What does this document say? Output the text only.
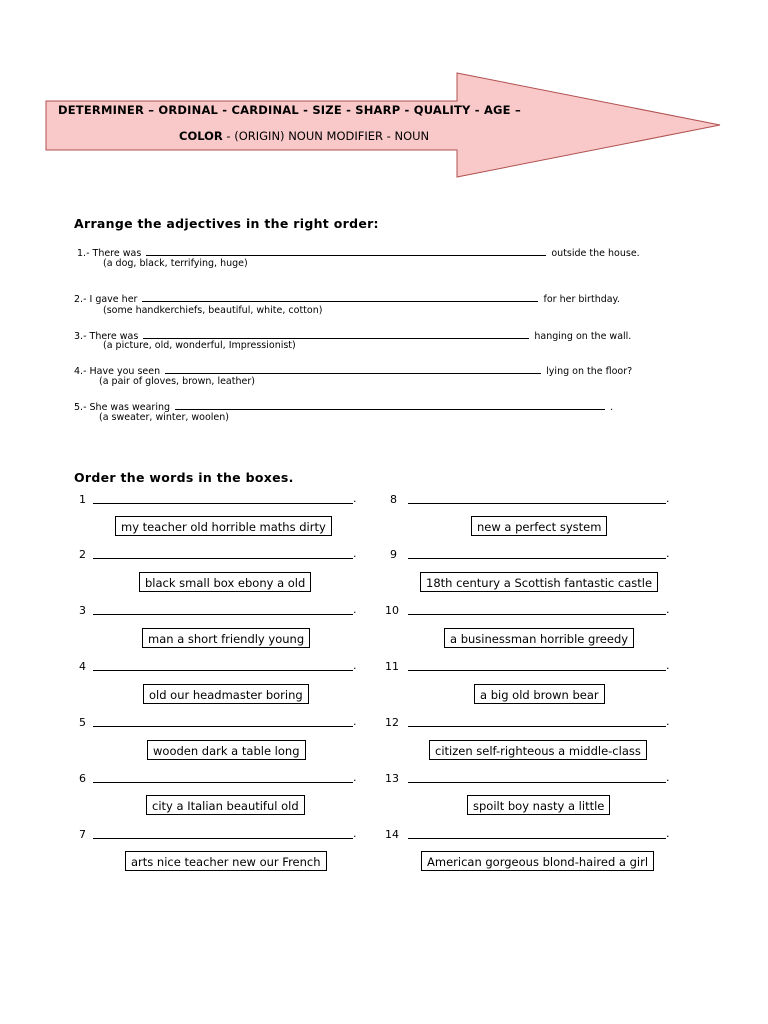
DETERMINER – ORDINAL - CARDINAL - SIZE - SHARP - QUALITY - AGE –
COLOR - (ORIGIN) NOUN MODIFIER - NOUN
Arrange the adjectives in the right order:
1.- There was	outside the house.
(a dog, black, terrifying, huge)
2.- I gave her	for her birthday.
(some handkerchiefs, beautiful, white, cotton)
3.- There was	hanging on the wall.
(a picture, old, wonderful, Impressionist)
4.- Have you seen	lying on the floor?
(a pair of gloves, brown, leather)
5.- She was wearing	.
(a sweater, winter, woolen)
Order the words in the boxes.
1	.
my teacher old horrible maths dirty
2	.
black small box ebony a old
3	.
man a short friendly young
4	.
old our headmaster boring
5	.
wooden dark a table long
6	.
city a Italian beautiful old
7	.
arts nice teacher new our French
8	.
new a perfect system
9	.
18th century a Scottish fantastic castle
10	.
a businessman horrible greedy
11	.
a big old brown bear
12	.
citizen self-righteous a middle-class
13	.
spoilt boy nasty a little
14	.
American gorgeous blond-haired a girl
